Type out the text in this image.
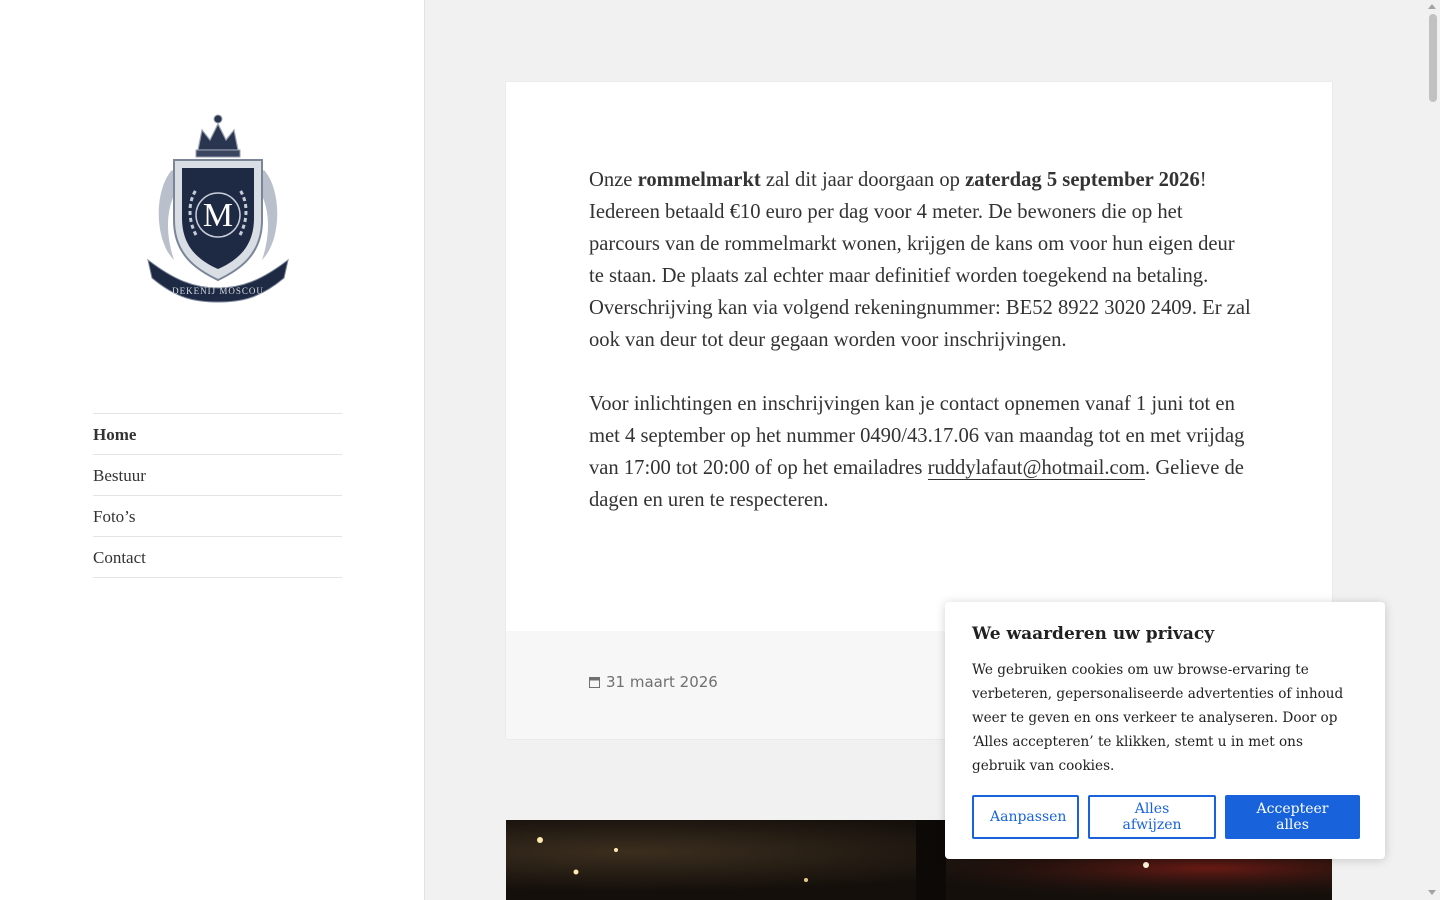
M
DEKENIJ MOSCOU
Home
Bestuur
Foto’s
Contact

Onze rommelmarkt zal dit jaar doorgaan op zaterdag 5 september 2026! Iedereen betaald €10 euro per dag voor 4 meter. De bewoners die op het parcours van de rommelmarkt wonen, krijgen de kans om voor hun eigen deur te staan. De plaats zal echter maar definitief worden toegekend na betaling. Overschrijving kan via volgend rekeningnummer: BE52 8922 3020 2409. Er zal ook van deur tot deur gegaan worden voor inschrijvingen.

Voor inlichtingen en inschrijvingen kan je contact opnemen vanaf 1 juni tot en met 4 september op het nummer 0490/43.17.06 van maandag tot en met vrijdag van 17:00 tot 20:00 of op het emailadres ruddylafaut@hotmail.com. Gelieve de dagen en uren te respecteren.

31 maart 2026
We waarderen uw privacy

We gebruiken cookies om uw browse-ervaring te verbeteren, gepersonaliseerde advertenties of inhoud weer te geven en ons verkeer te analyseren. Door op ‘Alles accepteren’ te klikken, stemt u in met ons gebruik van cookies.

Aanpassen	Alles afwijzen
Accepteer alles
